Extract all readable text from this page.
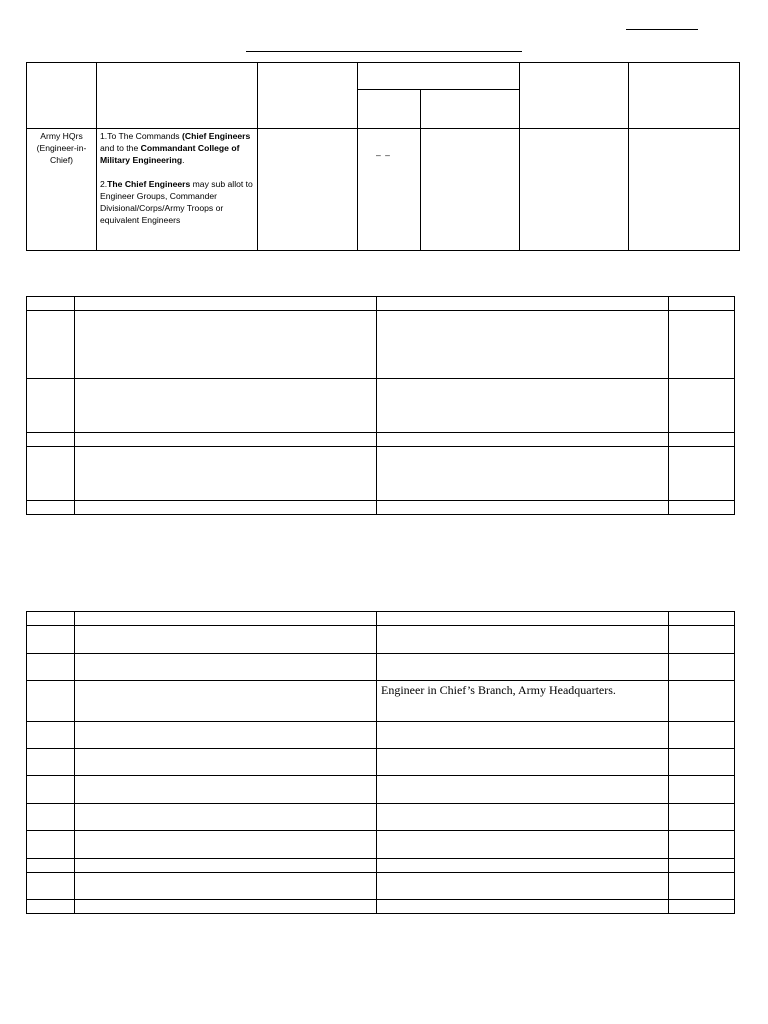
Army HQrs (Engineer-in-Chief)	1.To The Commands (Chief Engineers and to the Commandant College of Military Engineering.

2.The Chief Engineers may sub allot to Engineer Groups, Commander Divisional/Corps/Army Troops or equivalent Engineers		– –			

		Engineer in Chief’s Branch, Army Headquarters.	
